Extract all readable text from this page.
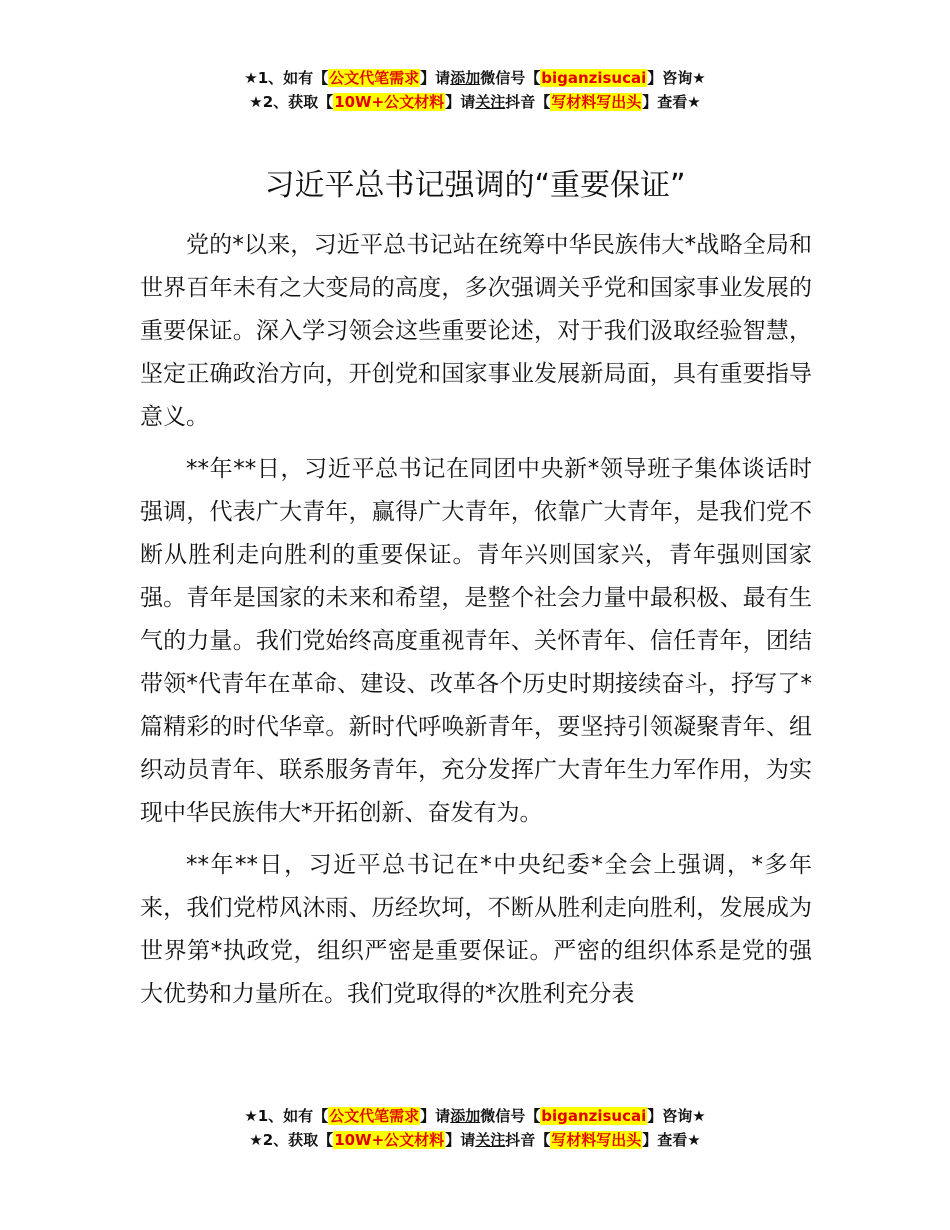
★1、如有【公文代笔需求】请添加微信号【biganzisucai】咨询★
★2、获取【10W+公文材料】请关注抖音【写材料写出头】查看★
习近平总书记强调的“重要保证”

党的*以来，习近平总书记站在统筹中华民族伟大*战略全局和世界百年未有之大变局的高度，多次强调关乎党和国家事业发展的重要保证。深入学习领会这些重要论述，对于我们汲取经验智慧，坚定正确政治方向，开创党和国家事业发展新局面，具有重要指导意义。

**年**日，习近平总书记在同团中央新*领导班子集体谈话时强调，代表广大青年，赢得广大青年，依靠广大青年，是我们党不断从胜利走向胜利的重要保证。青年兴则国家兴，青年强则国家强。青年是国家的未来和希望，是整个社会力量中最积极、最有生气的力量。我们党始终高度重视青年、关怀青年、信任青年，团结带领*代青年在革命、建设、改革各个历史时期接续奋斗，抒写了*篇精彩的时代华章。新时代呼唤新青年，要坚持引领凝聚青年、组织动员青年、联系服务青年，充分发挥广大青年生力军作用，为实现中华民族伟大*开拓创新、奋发有为。

**年**日，习近平总书记在*中央纪委*全会上强调，*多年来，我们党栉风沐雨、历经坎坷，不断从胜利走向胜利，发展成为世界第*执政党，组织严密是重要保证。严密的组织体系是党的强大优势和力量所在。我们党取得的*次胜利充分表

★1、如有【公文代笔需求】请添加微信号【biganzisucai】咨询★
★2、获取【10W+公文材料】请关注抖音【写材料写出头】查看★
